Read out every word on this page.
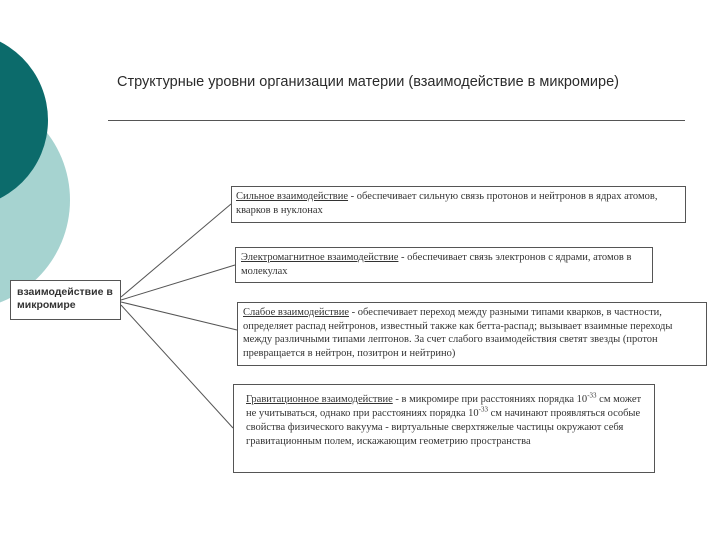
Структурные уровни организации материи (взаимодействие в микромире)
взаимодействие в микромире
Сильное взаимодействие - обеспечивает сильную связь протонов и нейтронов в ядрах атомов, кварков в нуклонах
Электромагнитное взаимодействие - обеспечивает связь электронов с ядрами, атомов в молекулах
Слабое взаимодействие - обеспечивает переход между разными типами кварков, в частности, определяет распад нейтронов, известный также как бетта-распад; вызывает взаимные переходы между различными типами лептонов. За счет слабого взаимодействия светят звезды (протон превращается в нейтрон, позитрон и нейтрино)
Гравитационное взаимодействие - в микромире при расстояниях порядка $10^{-33}$ см может не учитываться, однако при расстояниях порядка $10^{-33}$ см начинают проявляться особые свойства физического вакуума - виртуальные сверхтяжелые частицы окружают себя гравитационным полем, искажающим геометрию пространства
